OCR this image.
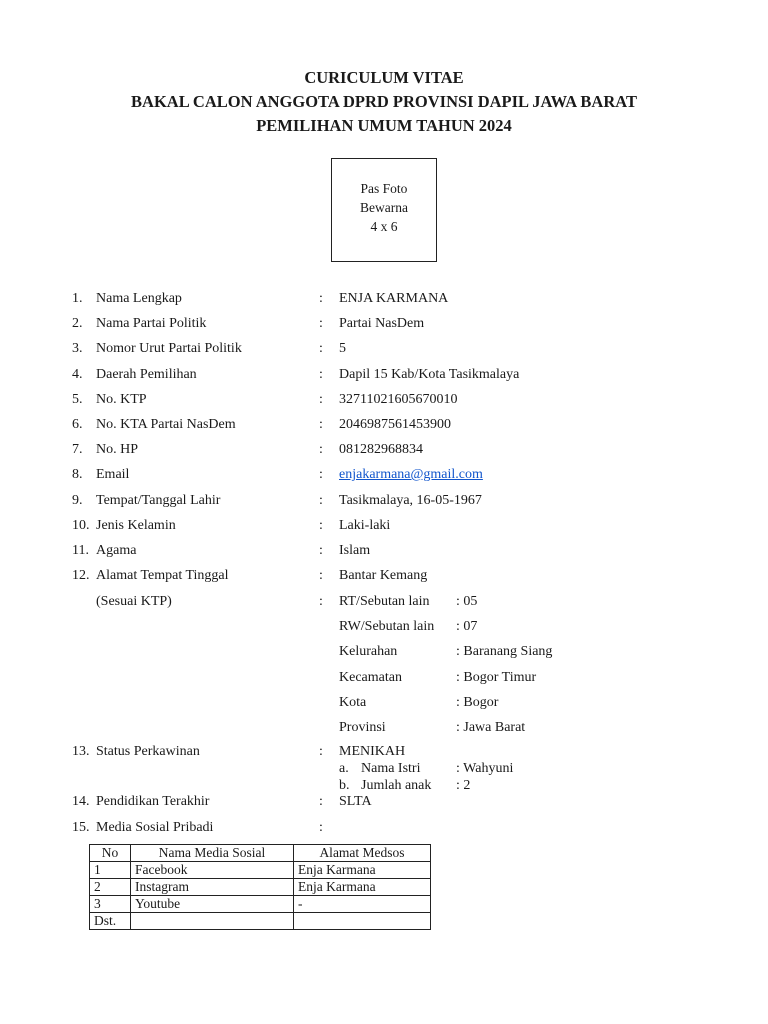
CURICULUM VITAE
BAKAL CALON ANGGOTA DPRD PROVINSI DAPIL JAWA BARAT
PEMILIHAN UMUM TAHUN 2024
Pas Foto
Bewarna
4 x 6
1. Nama Lengkap	: ENJA KARMANA
2. Nama Partai Politik	: Partai NasDem
3. Nomor Urut Partai Politik	: 5
4. Daerah Pemilihan	: Dapil 15 Kab/Kota Tasikmalaya
5. No. KTP	: 32711021605670010
6. No. KTA Partai NasDem	: 2046987561453900
7. No. HP	: 081282968834
8. Email	: enjakarmana@gmail.com
9. Tempat/Tanggal Lahir	: Tasikmalaya, 16-05-1967
10. Jenis Kelamin	: Laki-laki
11. Agama	: Islam
12. Alamat Tempat Tinggal	: Bantar Kemang
(Sesuai KTP)	: RT/Sebutan lain : 05
RW/Sebutan lain : 07
Kelurahan	: Baranang Siang
Kecamatan	: Bogor Timur
Kota	: Bogor
Provinsi	: Jawa Barat
13. Status Perkawinan	: MENIKAH
a. Nama Istri	: Wahyuni
b. Jumlah anak : 2
14. Pendidikan Terakhir	: SLTA
15. Media Sosial Pribadi	:
No	Nama Media Sosial	Alamat Medsos
1	Facebook	Enja Karmana
2	Instagram	Enja Karmana
3	Youtube	-
Dst.		
